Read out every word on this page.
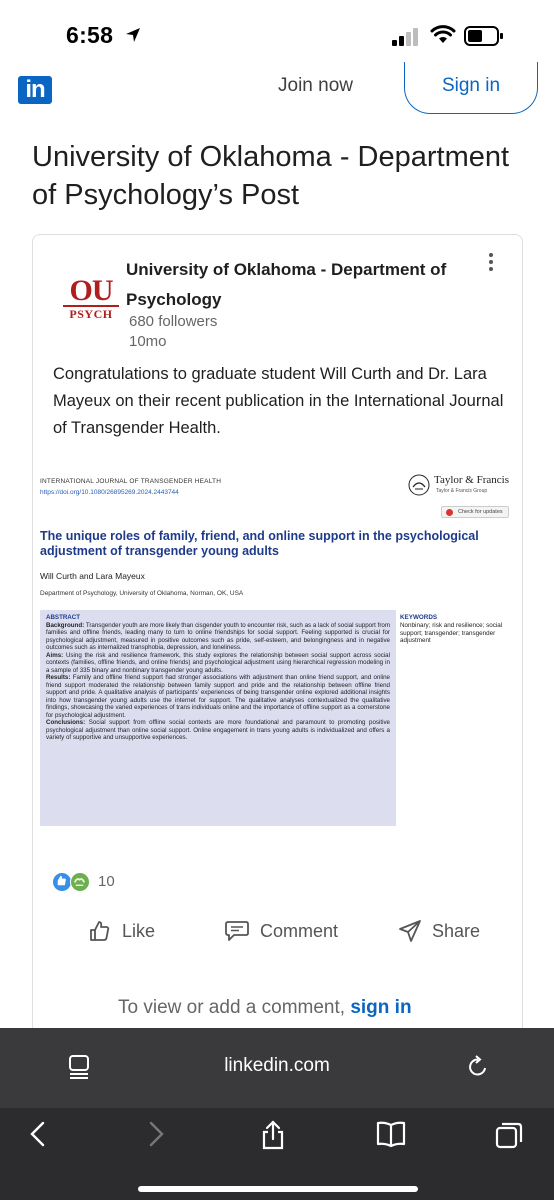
6:58
in	Join now	Sign in
University of Oklahoma - Department of Psychology’s Post
OU
PSYCH
University of Oklahoma - Department of Psychology
680 followers
10mo

Congratulations to graduate student Will Curth and Dr. Lara Mayeux on their recent publication in the International Journal of Transgender Health.

INTERNATIONAL JOURNAL OF TRANSGENDER HEALTH
https://doi.org/10.1080/26895269.2024.2443744
Taylor & Francis
Taylor & Francis Group
Check for updates
The unique roles of family, friend, and online support in the psychological adjustment of transgender young adults
Will Curth and Lara Mayeux
Department of Psychology, University of Oklahoma, Norman, OK, USA
ABSTRACT
Background: Transgender youth are more likely than cisgender youth to encounter risk, such as a lack of social support from families and offline friends, leading many to turn to online friendships for social support. Feeling supported is crucial for psychological adjustment, measured in positive outcomes such as pride, self-esteem, and belongingness and in negative outcomes such as internalized transphobia, depression, and loneliness.
Aims: Using the risk and resilience framework, this study explores the relationship between social support across social contexts (families, offline friends, and online friends) and psychological adjustment using hierarchical regression modeling in a sample of 335 binary and nonbinary transgender young adults.
Results: Family and offline friend support had stronger associations with adjustment than online friend support, and online friend support moderated the relationship between family support and pride and the relationship between offline friend support and pride. A qualitative analysis of participants’ experiences of being transgender online explored additional insights into how transgender young adults use the internet for support. The qualitative analyses contextualized the qualitative findings, showcasing the varied experiences of trans individuals online and the importance of offline support as a cornerstone for psychological adjustment.
Conclusions: Social support from offline social contexts are more foundational and paramount to promoting positive psychological adjustment than online social support. Online engagement in trans young adults is individualized and offers a variety of supportive and unsupportive experiences.
KEYWORDS
Nonbinary; risk and resilience; social support; transgender; transgender adjustment
10
Like	Comment	Share
To view or add a comment, sign in
linkedin.com
